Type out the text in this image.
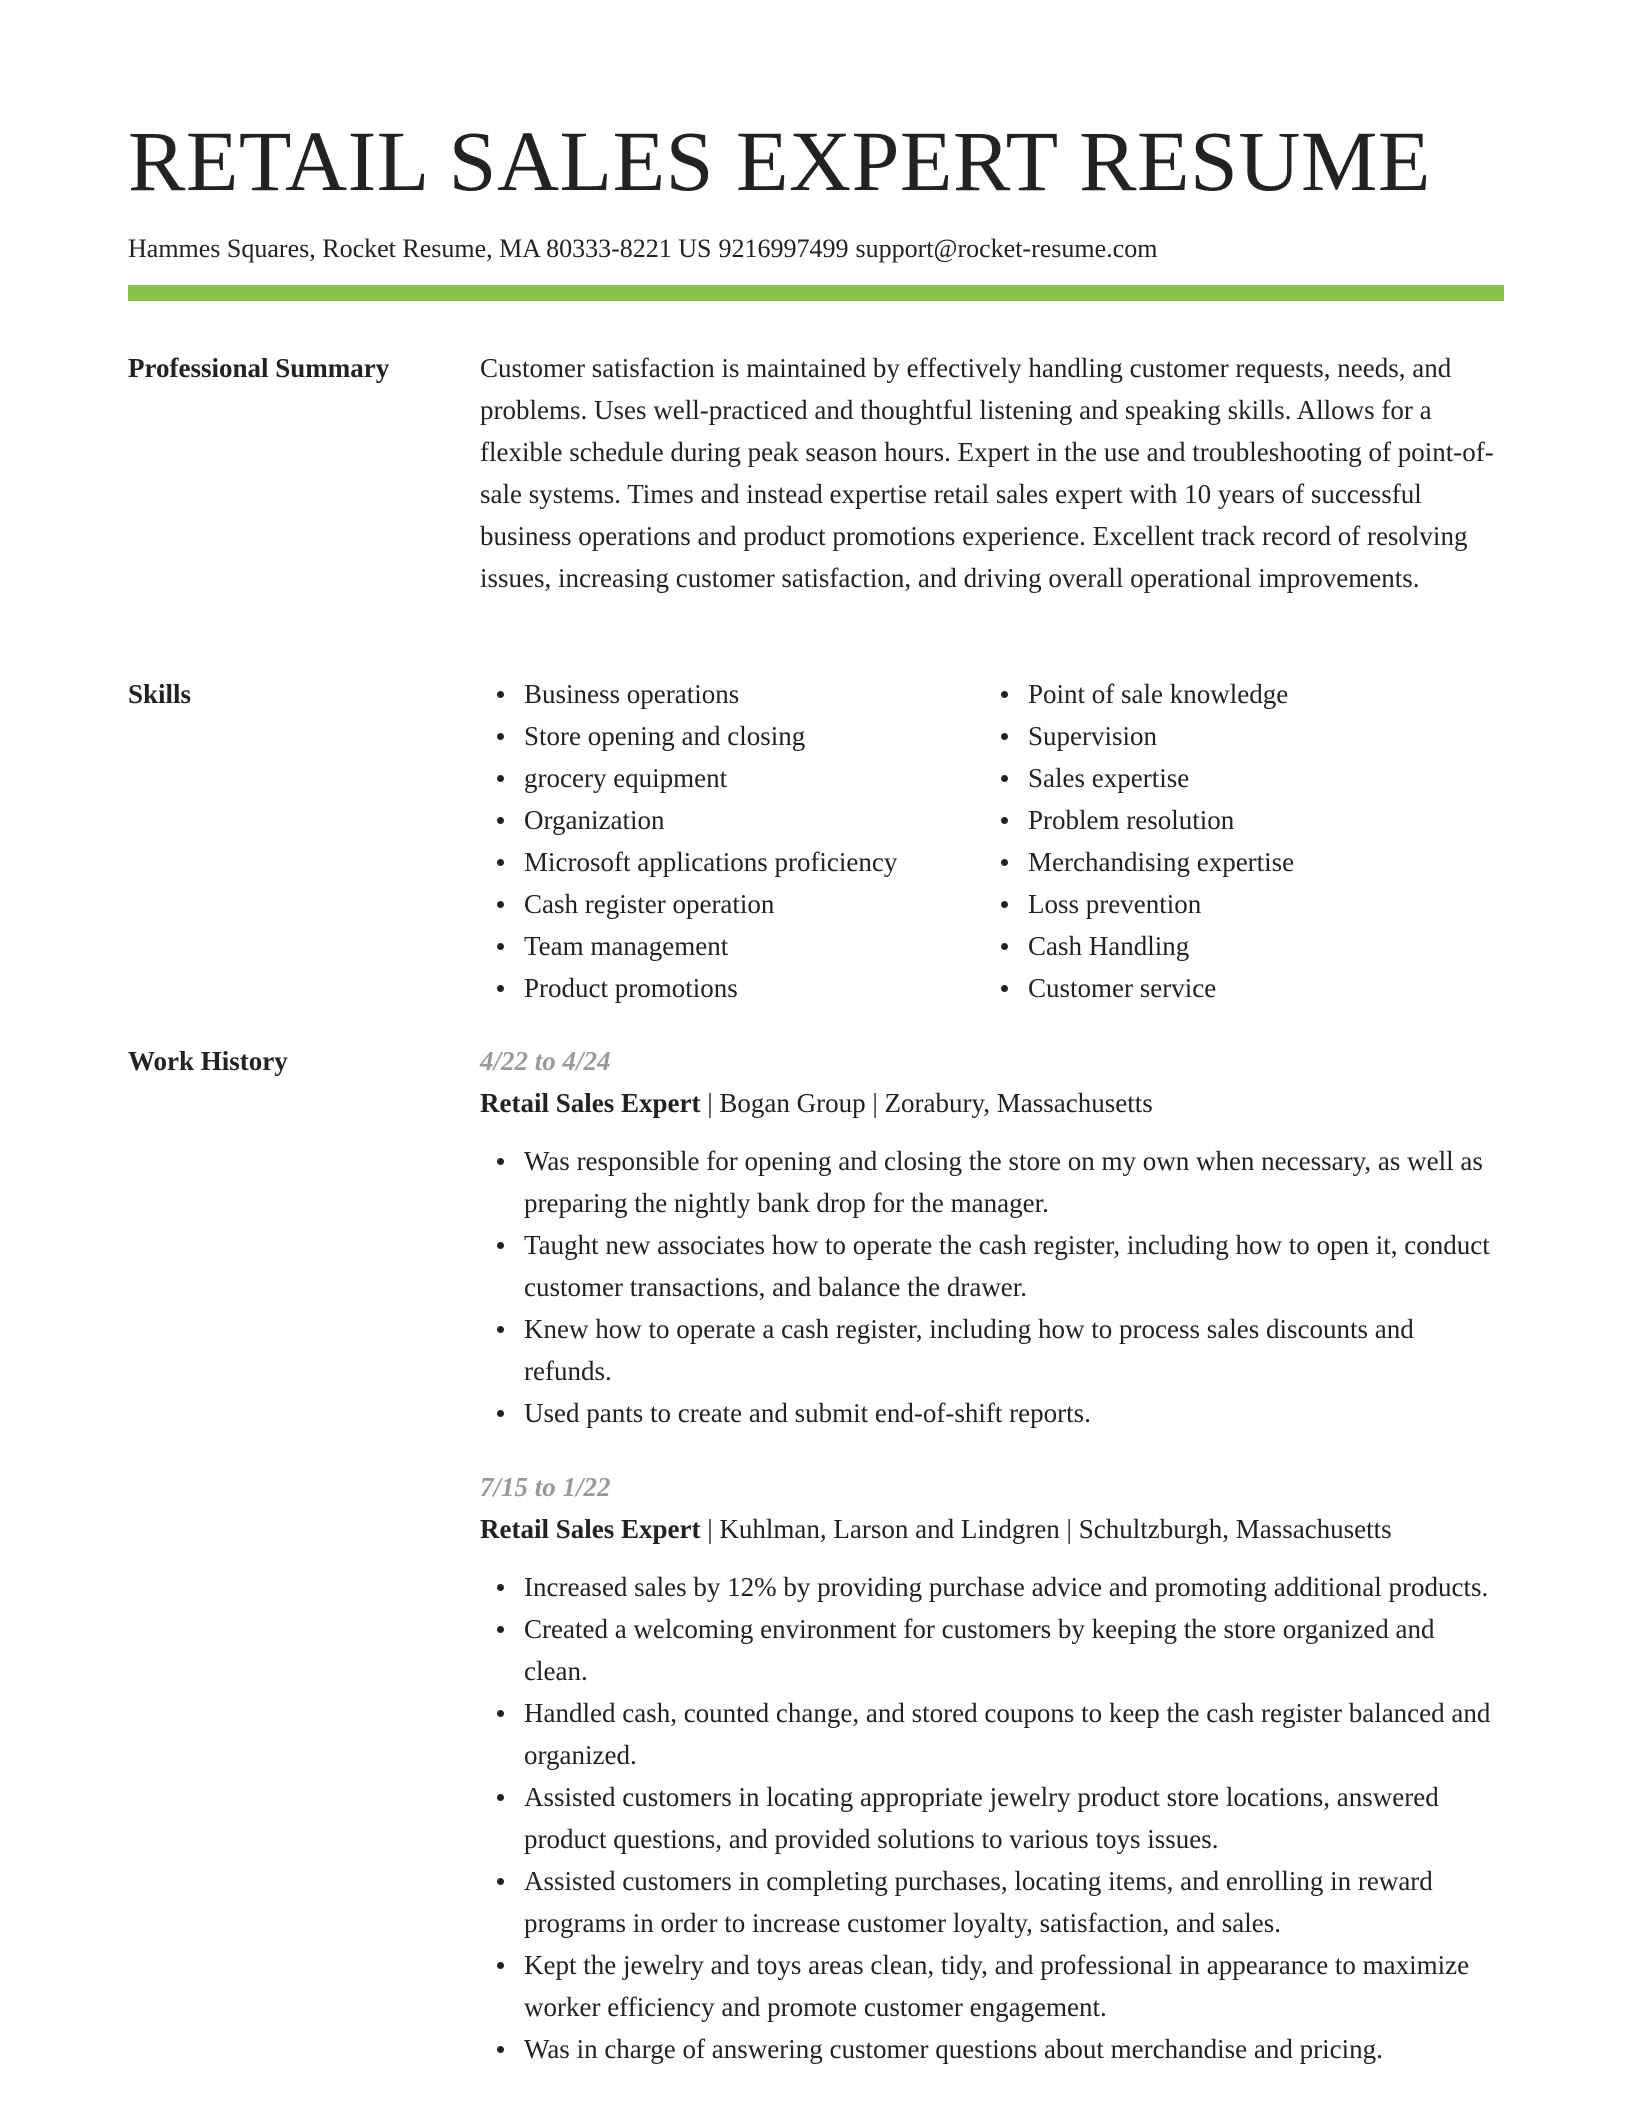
RETAIL SALES EXPERT RESUME
Hammes Squares, Rocket Resume, MA 80333-8221 US 9216997499 support@rocket-resume.com
Professional Summary	Customer satisfaction is maintained by effectively handling customer requests, needs, and problems. Uses well-practiced and thoughtful listening and speaking skills. Allows for a flexible schedule during peak season hours. Expert in the use and troubleshooting of point-of-sale systems. Times and instead expertise retail sales expert with 10 years of successful business operations and product promotions experience. Excellent track record of resolving issues, increasing customer satisfaction, and driving overall operational improvements.

Skills	Business operations
Store opening and closing
grocery equipment
Organization
Microsoft applications proficiency
Cash register operation
Team management
Product promotions
Point of sale knowledge
Supervision
Sales expertise
Problem resolution
Merchandising expertise
Loss prevention
Cash Handling
Customer service
Work History	4/22 to 4/24
Retail Sales Expert | Bogan Group | Zorabury, Massachusetts
Was responsible for opening and closing the store on my own when necessary, as well as preparing the nightly bank drop for the manager.
Taught new associates how to operate the cash register, including how to open it, conduct customer transactions, and balance the drawer.
Knew how to operate a cash register, including how to process sales discounts and refunds.
Used pants to create and submit end-of-shift reports.
7/15 to 1/22
Retail Sales Expert | Kuhlman, Larson and Lindgren | Schultzburgh, Massachusetts
Increased sales by 12% by providing purchase advice and promoting additional products.
Created a welcoming environment for customers by keeping the store organized and clean.
Handled cash, counted change, and stored coupons to keep the cash register balanced and organized.
Assisted customers in locating appropriate jewelry product store locations, answered product questions, and provided solutions to various toys issues.
Assisted customers in completing purchases, locating items, and enrolling in reward programs in order to increase customer loyalty, satisfaction, and sales.
Kept the jewelry and toys areas clean, tidy, and professional in appearance to maximize worker efficiency and promote customer engagement.
Was in charge of answering customer questions about merchandise and pricing.
